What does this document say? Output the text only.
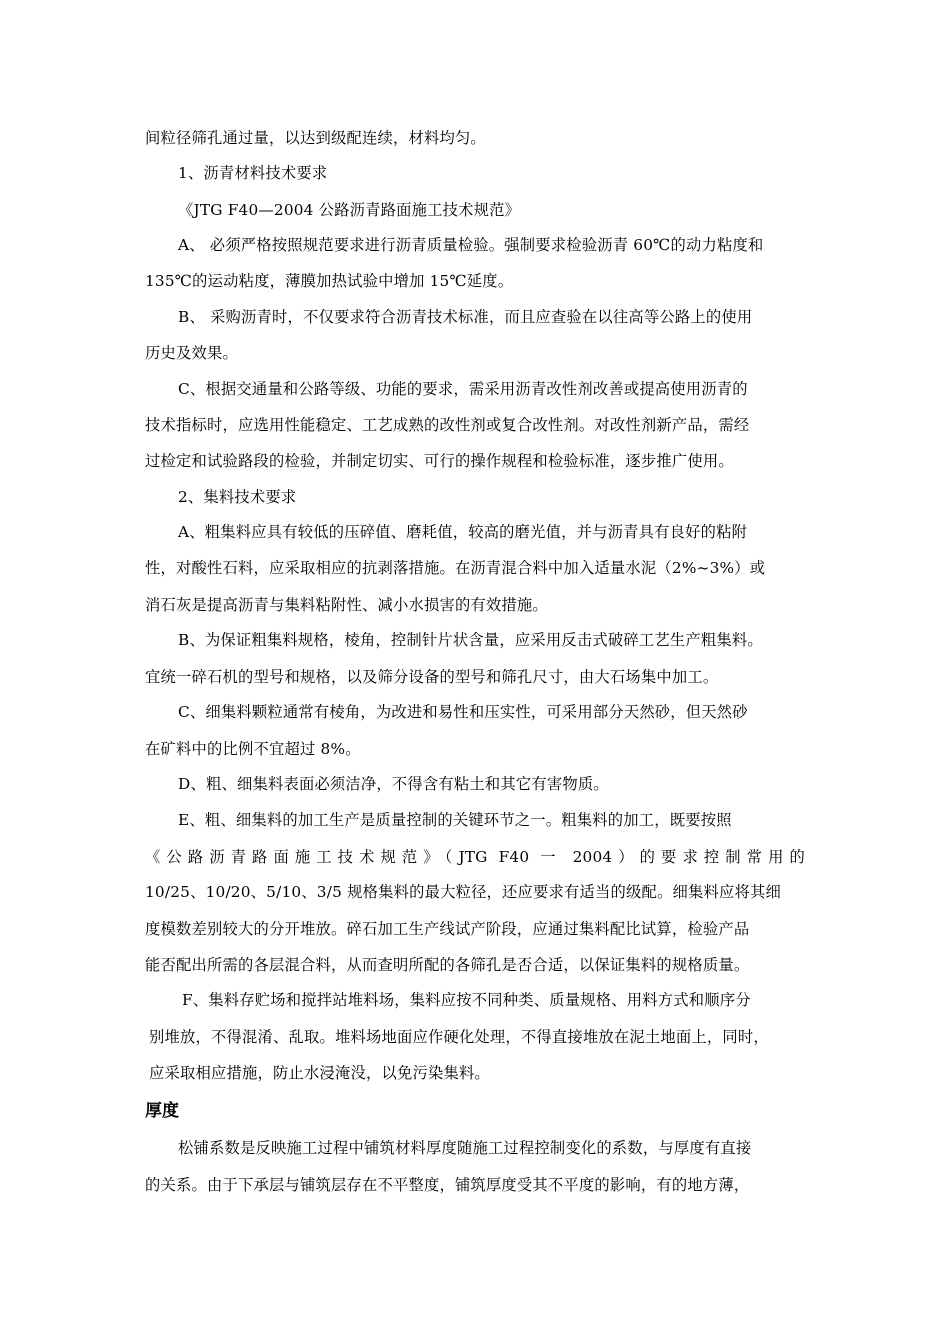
间粒径筛孔通过量，以达到级配连续，材料均匀。
1、沥青材料技术要求
《JTG F40—2004 公路沥青路面施工技术规范》
A、 必须严格按照规范要求进行沥青质量检验。强制要求检验沥青 60℃的动力粘度和
135℃的运动粘度，薄膜加热试验中增加 15℃延度。
B、 采购沥青时，不仅要求符合沥青技术标准，而且应查验在以往高等公路上的使用
历史及效果。
C、根据交通量和公路等级、功能的要求，需采用沥青改性剂改善或提高使用沥青的
技术指标时，应选用性能稳定、工艺成熟的改性剂或复合改性剂。对改性剂新产品，需经
过检定和试验路段的检验，并制定切实、可行的操作规程和检验标准，逐步推广使用。
2、集料技术要求
A、粗集料应具有较低的压碎值、磨耗值，较高的磨光值，并与沥青具有良好的粘附
性，对酸性石料，应采取相应的抗剥落措施。在沥青混合料中加入适量水泥（2%~3%）或
消石灰是提高沥青与集料粘附性、减小水损害的有效措施。
B、为保证粗集料规格，棱角，控制针片状含量，应采用反击式破碎工艺生产粗集料。
宜统一碎石机的型号和规格，以及筛分设备的型号和筛孔尺寸，由大石场集中加工。
C、细集料颗粒通常有棱角，为改进和易性和压实性，可采用部分天然砂，但天然砂
在矿料中的比例不宜超过 8%。
D、粗、细集料表面必须洁净，不得含有粘土和其它有害物质。
E、粗、细集料的加工生产是质量控制的关键环节之一。粗集料的加工，既要按照
《公路沥青路面施工技术规范》（JTG F40 一 2004）的要求控制常用的
10/25、10/20、5/10、3/5 规格集料的最大粒径，还应要求有适当的级配。细集料应将其细
度模数差别较大的分开堆放。碎石加工生产线试产阶段，应通过集料配比试算，检验产品
能否配出所需的各层混合料，从而查明所配的各筛孔是否合适，以保证集料的规格质量。
F、集料存贮场和搅拌站堆料场，集料应按不同种类、质量规格、用料方式和顺序分
别堆放，不得混淆、乱取。堆料场地面应作硬化处理，不得直接堆放在泥土地面上，同时，
应采取相应措施，防止水浸淹没，以免污染集料。
厚度
松铺系数是反映施工过程中铺筑材料厚度随施工过程控制变化的系数，与厚度有直接
的关系。由于下承层与铺筑层存在不平整度，铺筑厚度受其不平度的影响，有的地方薄，
